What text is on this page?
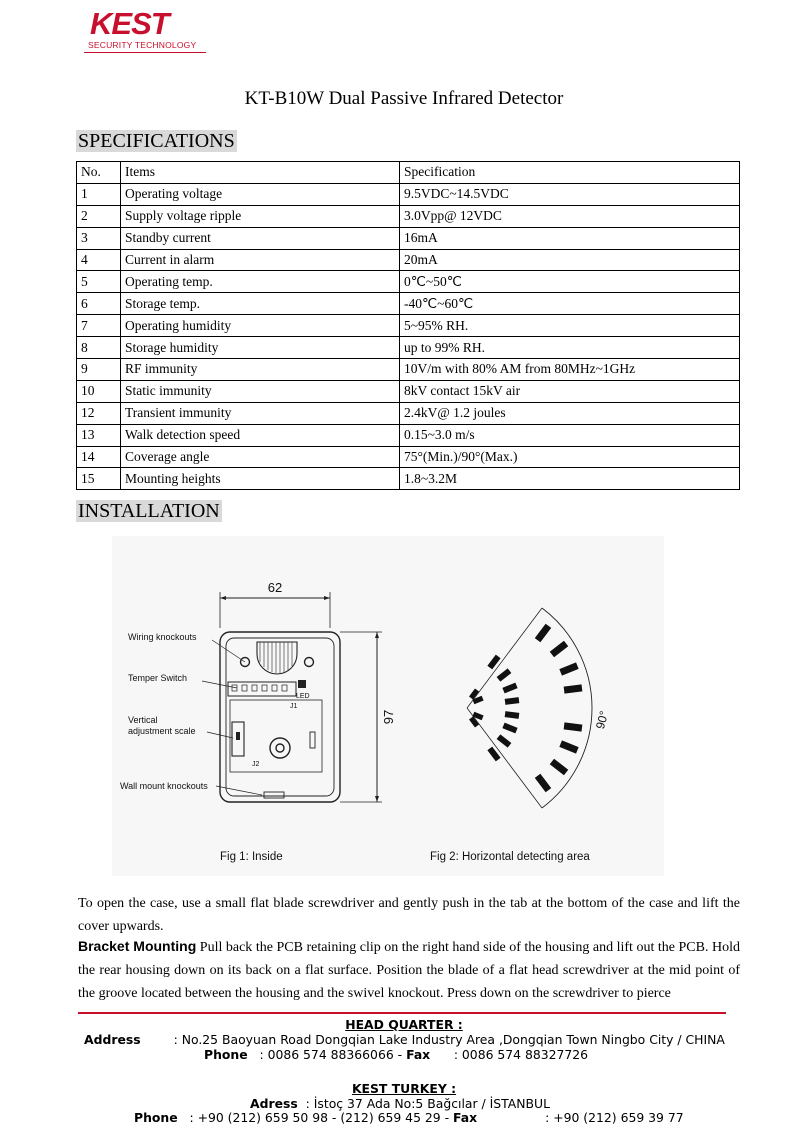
KEST
SECURITY TECHNOLOGY
KT-B10W Dual Passive Infrared Detector
SPECIFICATIONS
No.	Items	Specification
1	Operating voltage	9.5VDC~14.5VDC
2	Supply voltage ripple	3.0Vpp@ 12VDC
3	Standby current	16mA
4	Current in alarm	20mA
5	Operating temp.	0℃~50℃
6	Storage temp.	-40℃~60℃
7	Operating humidity	5~95% RH.
8	Storage humidity	up to 99% RH.
9	RF immunity	10V/m with 80% AM from 80MHz~1GHz
10	Static immunity	8kV contact 15kV air
12	Transient immunity	2.4kV@ 1.2 joules
13	Walk detection speed	0.15~3.0 m/s
14	Coverage angle	75°(Min.)/90°(Max.)
15	Mounting heights	1.8~3.2M
INSTALLATION
62
97	90°
Wiring knockouts
Temper Switch
Vertical
adjustment scale
Wall mount knockouts
LED
J1
J2
Fig 1: Inside	Fig 2: Horizontal detecting area
To open the case, use a small flat blade screwdriver and gently push in the tab at the bottom of the case and lift the cover upwards.
Bracket Mounting Pull back the PCB retaining clip on the right hand side of the housing and lift out the PCB. Hold the rear housing down on its back on a flat surface. Position the blade of a flat head screwdriver at the mid point of the groove located between the housing and the swivel knockout. Press down on the screwdriver to pierce
HEAD QUARTER :
Address	: No.25 Baoyuan Road Dongqian Lake Industry Area ,Dongqian Town Ningbo City / CHINA
Phone : 0086 574 88366066 - Fax : 0086 574 88327726
KEST TURKEY :
Adress : İstoç 37 Ada No:5 Bağcılar / İSTANBUL
Phone : +90 (212) 659 50 98 - (212) 659 45 29 - Fax	: +90 (212) 659 39 77
